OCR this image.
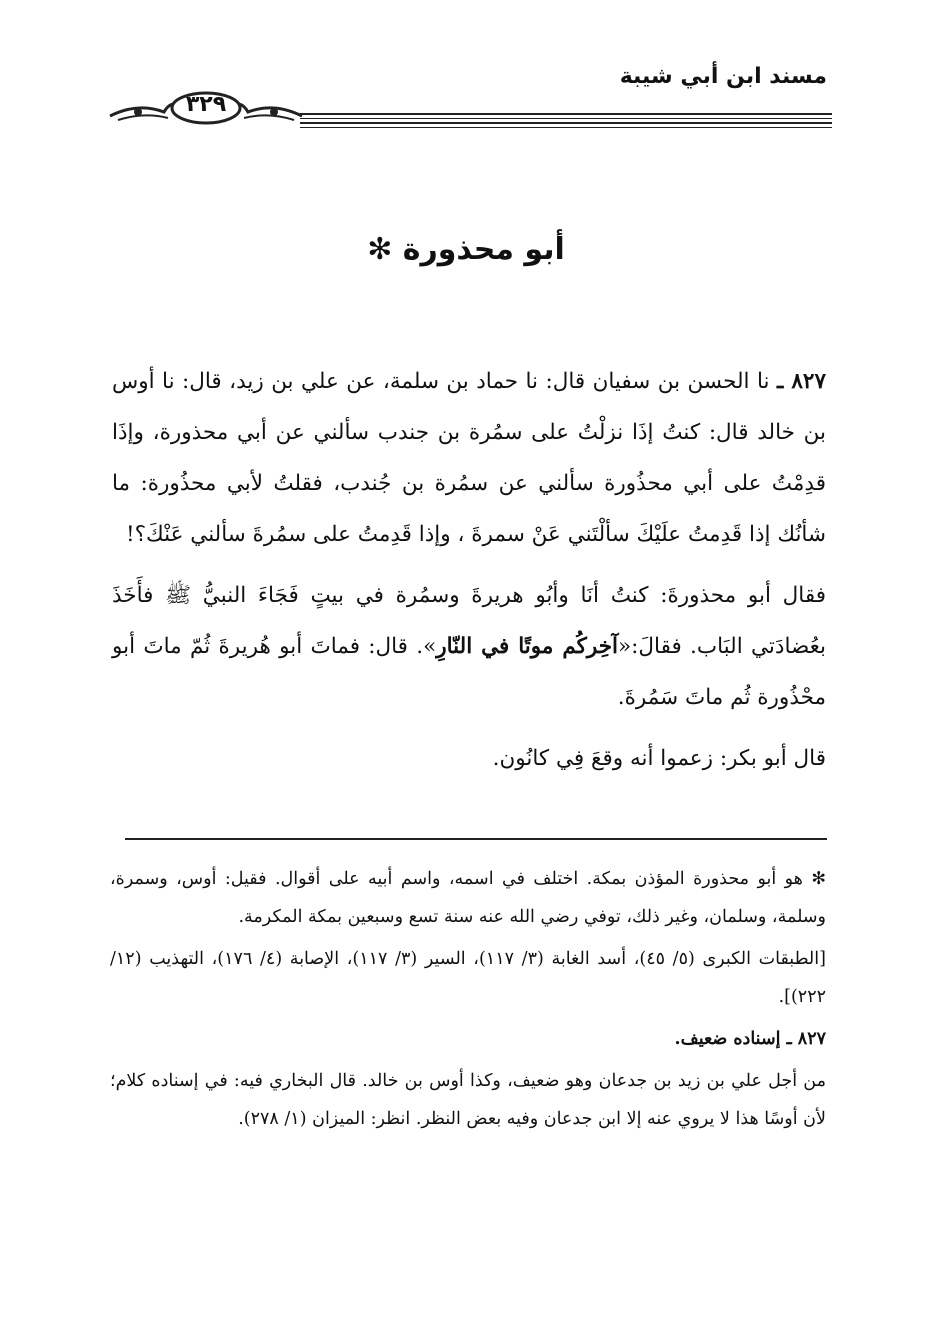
مسند ابن أبي شيبة
٣٢٩
أبو محذورة ✻

٨٢٧ ـ نا الحسن بن سفيان قال: نا حماد بن سلمة، عن علي بن زيد، قال: نا أوس بن خالد قال: كنتُ إذَا نزلْتُ على سمُرة بن جندب سألني عن أبي محذورة، وإذَا قدِمْتُ على أبي محذُورة سألني عن سمُرة بن جُندب، فقلتُ لأبي محذُورة: ما شأنُك إذا قَدِمتُ علَيْكَ سألْتَني عَنْ سمرةَ ، وإذا قَدِمتُ على سمُرةَ سألني عَنْكَ؟!

فقال أبو محذورةَ: كنتُ أنَا وأبُو هريرةَ وسمُرة في بيتٍ فَجَاءَ النبيُّ ﷺ فأَخَذَ بعُضادَتي البَاب. فقالَ:«آخِركُم موتًا في النّارِ». قال: فماتَ أبو هُريرةَ ثُمّ ماتَ أبو محْذُورة ثُم ماتَ سَمُرةَ.

قال أبو بكر: زعموا أنه وقعَ فِي كانُون.

✻ هو أبو محذورة المؤذن بمكة. اختلف في اسمه، واسم أبيه على أقوال. فقيل: أوس، وسمرة، وسلمة، وسلمان، وغير ذلك، توفي رضي الله عنه سنة تسع وسبعين بمكة المكرمة.

[الطبقات الكبرى (٥/ ٤٥)، أسد الغابة (٣/ ١١٧)، السير (٣/ ١١٧)، الإصابة (٤/ ١٧٦)، التهذيب (١٢/ ٢٢٢)].

٨٢٧ ـ إسناده ضعيف.

من أجل علي بن زيد بن جدعان وهو ضعيف، وكذا أوس بن خالد. قال البخاري فيه: في إسناده كلام؛ لأن أوسًا هذا لا يروي عنه إلا ابن جدعان وفيه بعض النظر. انظر: الميزان (١/ ٢٧٨).
